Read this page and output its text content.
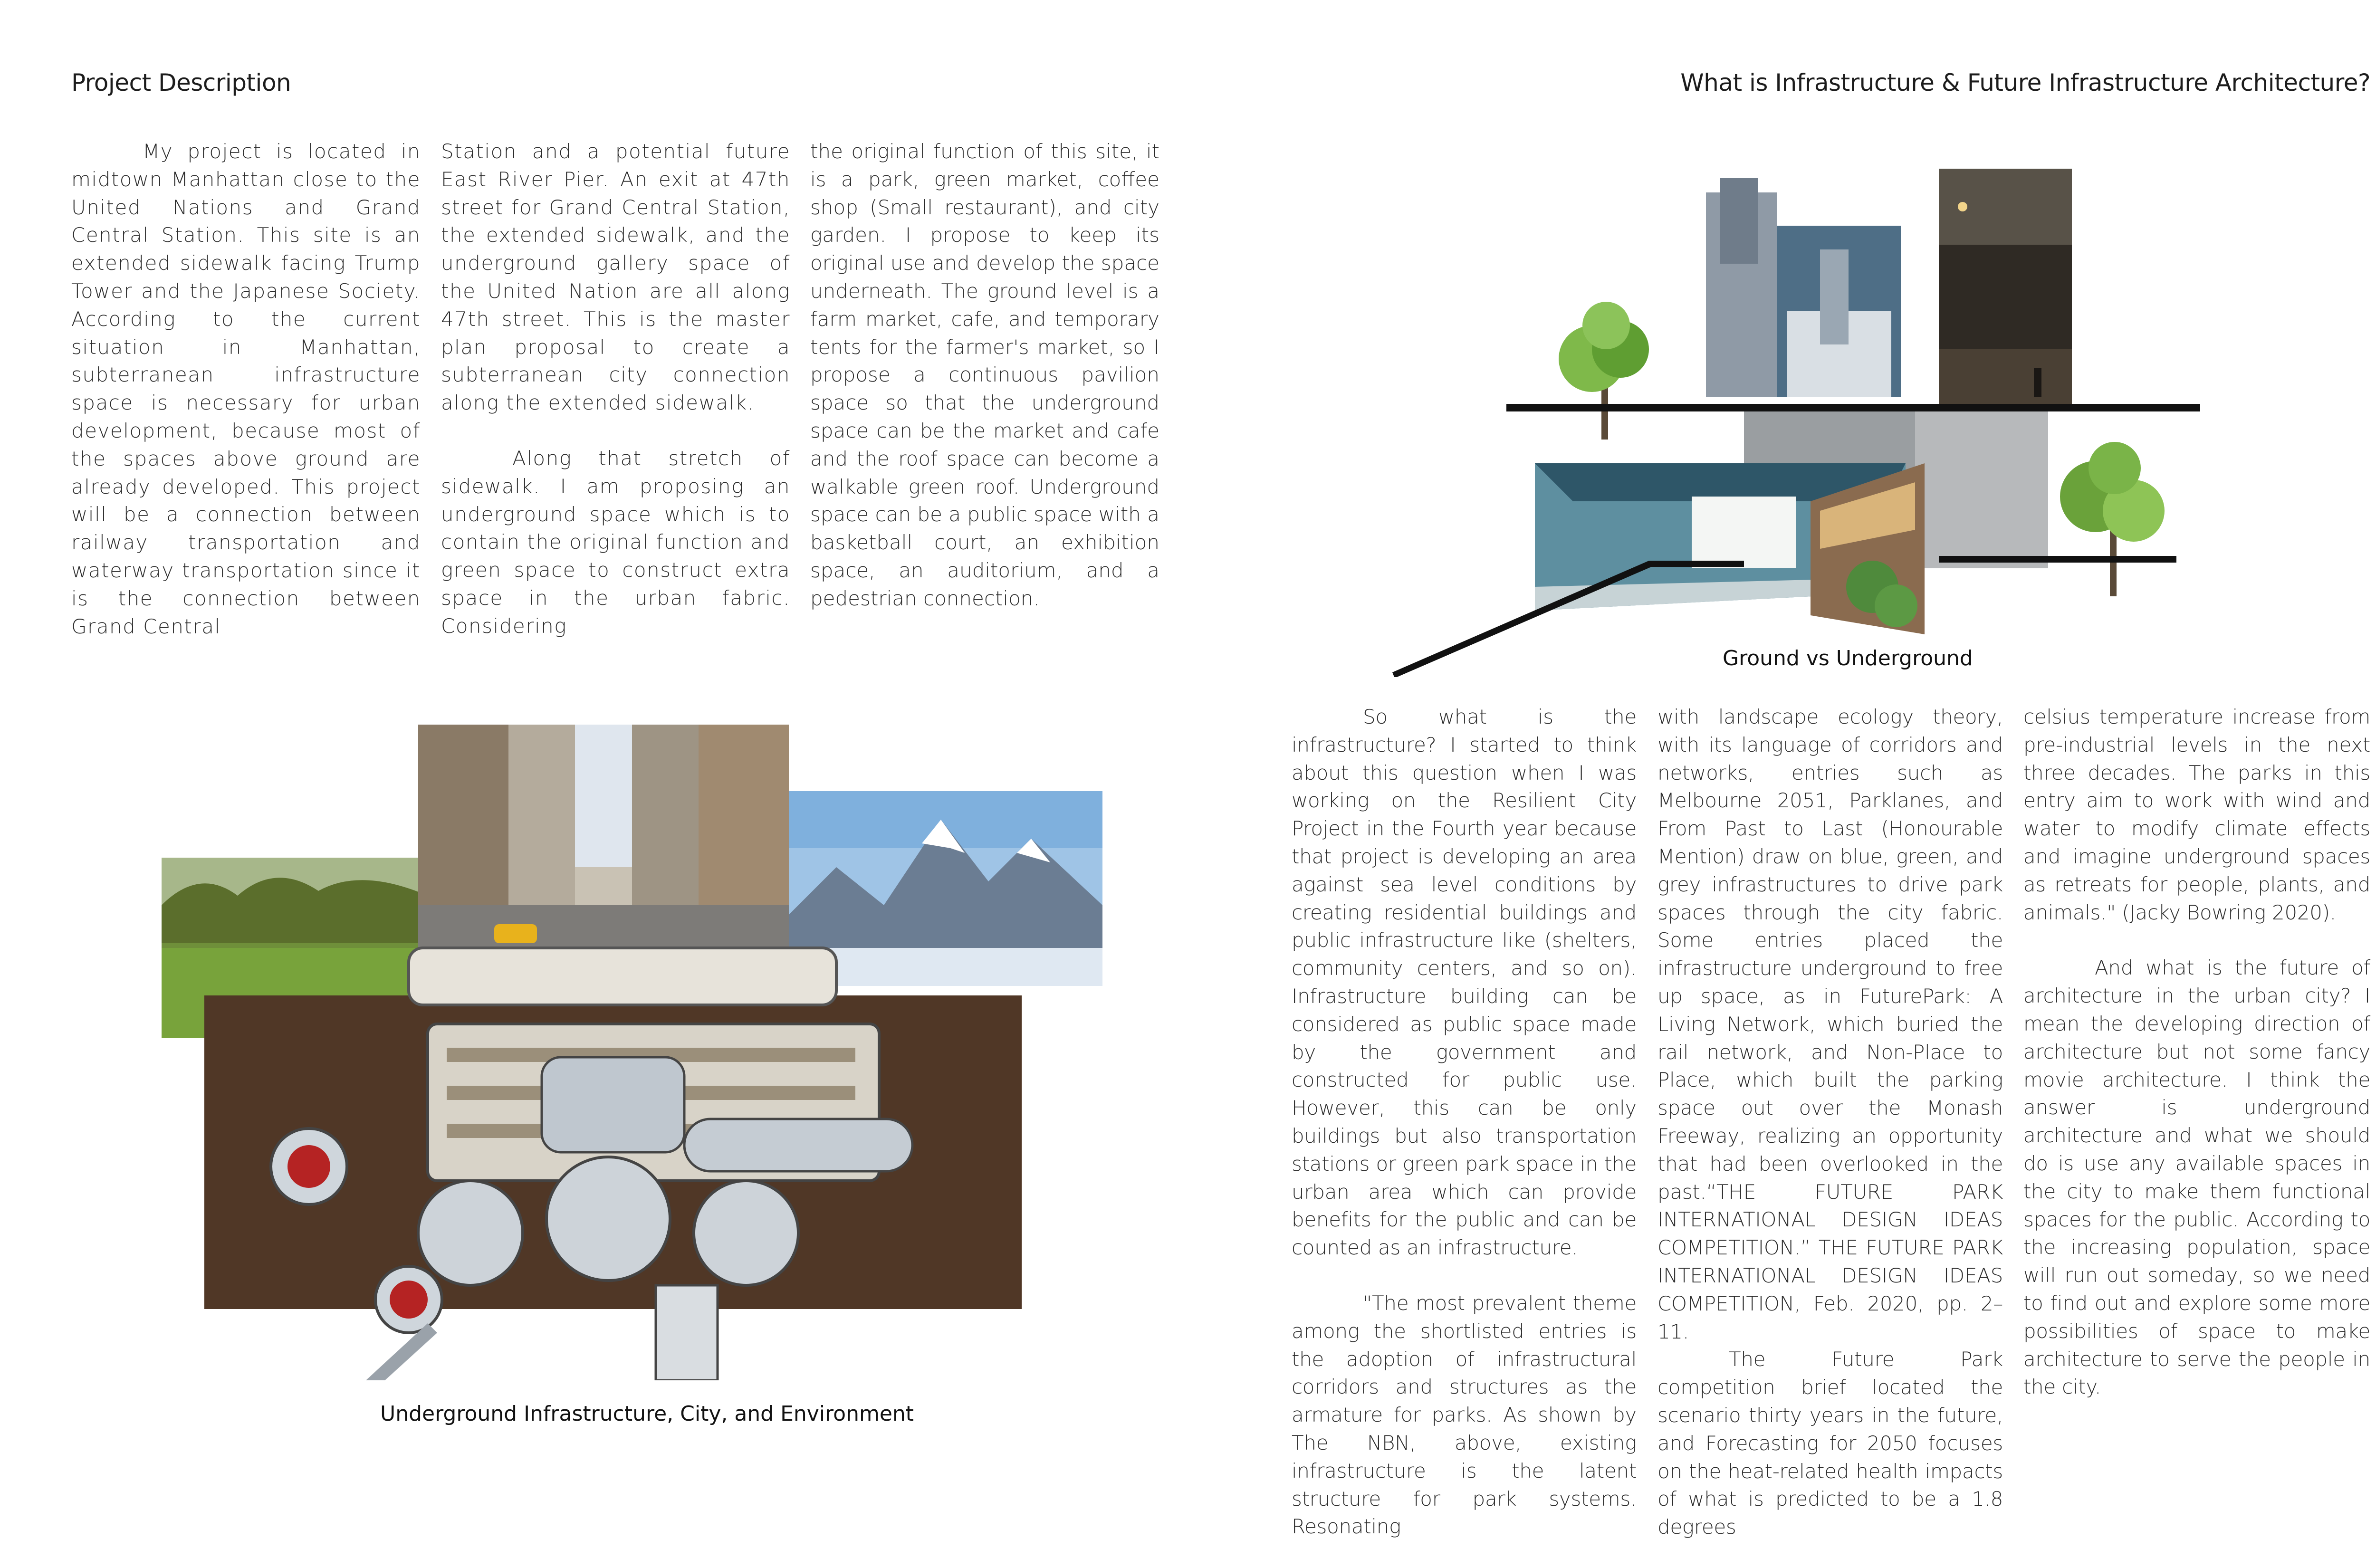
Project Description	What is Infrastructure & Future Infrastructure Architecture?

My project is located in midtown Manhattan close to the United Nations and Grand Central Station. This site is an extended sidewalk facing Trump Tower and the Japanese Society. According to the current situation in Manhattan, subterranean infrastructure space is necessary for urban development, because most of the spaces above ground are already developed. This project will be a connection between railway transportation and waterway transportation since it is the connection between Grand Central

Station and a potential future East River Pier. An exit at 47th street for Grand Central Station, the extended sidewalk, and the underground gallery space of the United Nation are all along 47th street. This is the master plan proposal to create a subterranean city connection along the extended sidewalk.

Along that stretch of sidewalk. I am proposing an underground space which is to contain the original function and green space to construct extra space in the urban fabric. Considering

the original function of this site, it is a park, green market, coffee shop (Small restaurant), and city garden. I propose to keep its original use and develop the space underneath. The ground level is a farm market, cafe, and temporary tents for the farmer's market, so I propose a continuous pavilion space so that the underground space can be the market and cafe and the roof space can become a walkable green roof. Underground space can be a public space with a basketball court, an exhibition space, an auditorium, and a pedestrian connection.

Underground Infrastructure, City, and Environment
Ground vs Underground

So what is the infrastructure? I started to think about this question when I was working on the Resilient City Project in the Fourth year because that project is developing an area against sea level conditions by creating residential buildings and public infrastructure like (shelters, community centers, and so on). Infrastructure building can be considered as public space made by the government and constructed for public use. However, this can be only buildings but also transportation stations or green park space in the urban area which can provide benefits for the public and can be counted as an infrastructure.

"The most prevalent theme among the shortlisted entries is the adoption of infrastructural corridors and structures as the armature for parks. As shown by The NBN, above, existing infrastructure is the latent structure for park systems. Resonating

with landscape ecology theory, with its language of corridors and networks, entries such as Melbourne 2051, Parklanes, and From Past to Last (Honourable Mention) draw on blue, green, and grey infrastructures to drive park spaces through the city fabric. Some entries placed the infrastructure underground to free up space, as in FuturePark: A Living Network, which buried the rail network, and Non-Place to Place, which built the parking space out over the Monash Freeway, realizing an opportunity that had been overlooked in the past.“THE FUTURE PARK INTERNATIONAL DESIGN IDEAS COMPETITION.” THE FUTURE PARK INTERNATIONAL DESIGN IDEAS COMPETITION, Feb. 2020, pp. 2–11.

The Future Park competition brief located the scenario thirty years in the future, and Forecasting for 2050 focuses on the heat-related health impacts of what is predicted to be a 1.8 degrees

celsius temperature increase from pre-industrial levels in the next three decades. The parks in this entry aim to work with wind and water to modify climate effects and imagine underground spaces as retreats for people, plants, and animals." (Jacky Bowring 2020).

And what is the future of architecture in the urban city? I mean the developing direction of architecture but not some fancy movie architecture. I think the answer is underground architecture and what we should do is use any available spaces in the city to make them functional spaces for the public. According to the increasing population, space will run out someday, so we need to find out and explore some more possibilities of space to make architecture to serve the people in the city.
